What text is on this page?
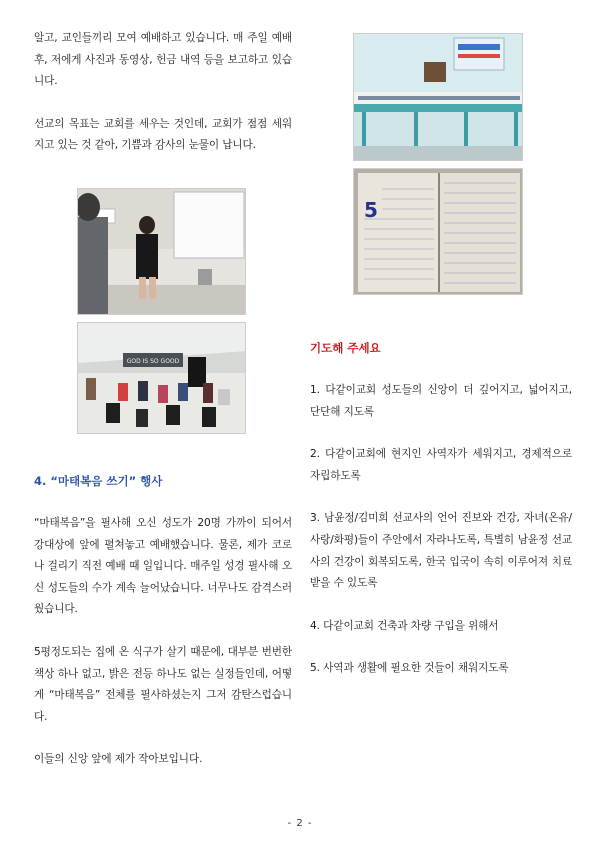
알고, 교인들끼리 모여 예배하고 있습니다. 매 주일 예배 후, 저에게 사진과 동영상, 헌금 내역 등을 보고하고 있습니다.

선교의 목표는 교회를 세우는 것인데, 교회가 점점 세워지고 있는 것 같아, 기쁨과 감사의 눈물이 납니다.

GOD IS SO GOOD
4. “마태복음 쓰기” 행사

“마태복음”을 필사해 오신 성도가 20명 가까이 되어서 강대상에 앞에 펼쳐놓고 예배했습니다. 물론, 제가 코로나 걸리기 직전 예배 때 일입니다. 매주일 성경 필사해 오신 성도들의 수가 계속 늘어났습니다. 너무나도 감격스러웠습니다.

5평정도되는 집에 온 식구가 살기 때문에, 대부분 번번한 책상 하나 없고, 밝은 전등 하나도 없는 실정들인데, 어떻게 “마태복음” 전체를 필사하셨는지 그저 감탄스럽습니다.

이들의 신앙 앞에 제가 작아보입니다.

5
기도해 주세요

1. 다같이교회 성도들의 신앙이 더 깊어지고, 넓어지고, 단단해 지도록

2. 다같이교회에 현지인 사역자가 세워지고, 경제적으로 자립하도록

3. 남윤정/김미희 선교사의 언어 진보와 건강, 자녀(온유/사랑/화평)들이 주안에서 자라나도록, 특별히 남윤정 선교사의 건강이 회복되도록, 한국 입국이 속히 이루어져 치료받을 수 있도록

4. 다같이교회 건축과 차량 구입을 위해서

5. 사역과 생활에 필요한 것들이 채워지도록

- 2 -
